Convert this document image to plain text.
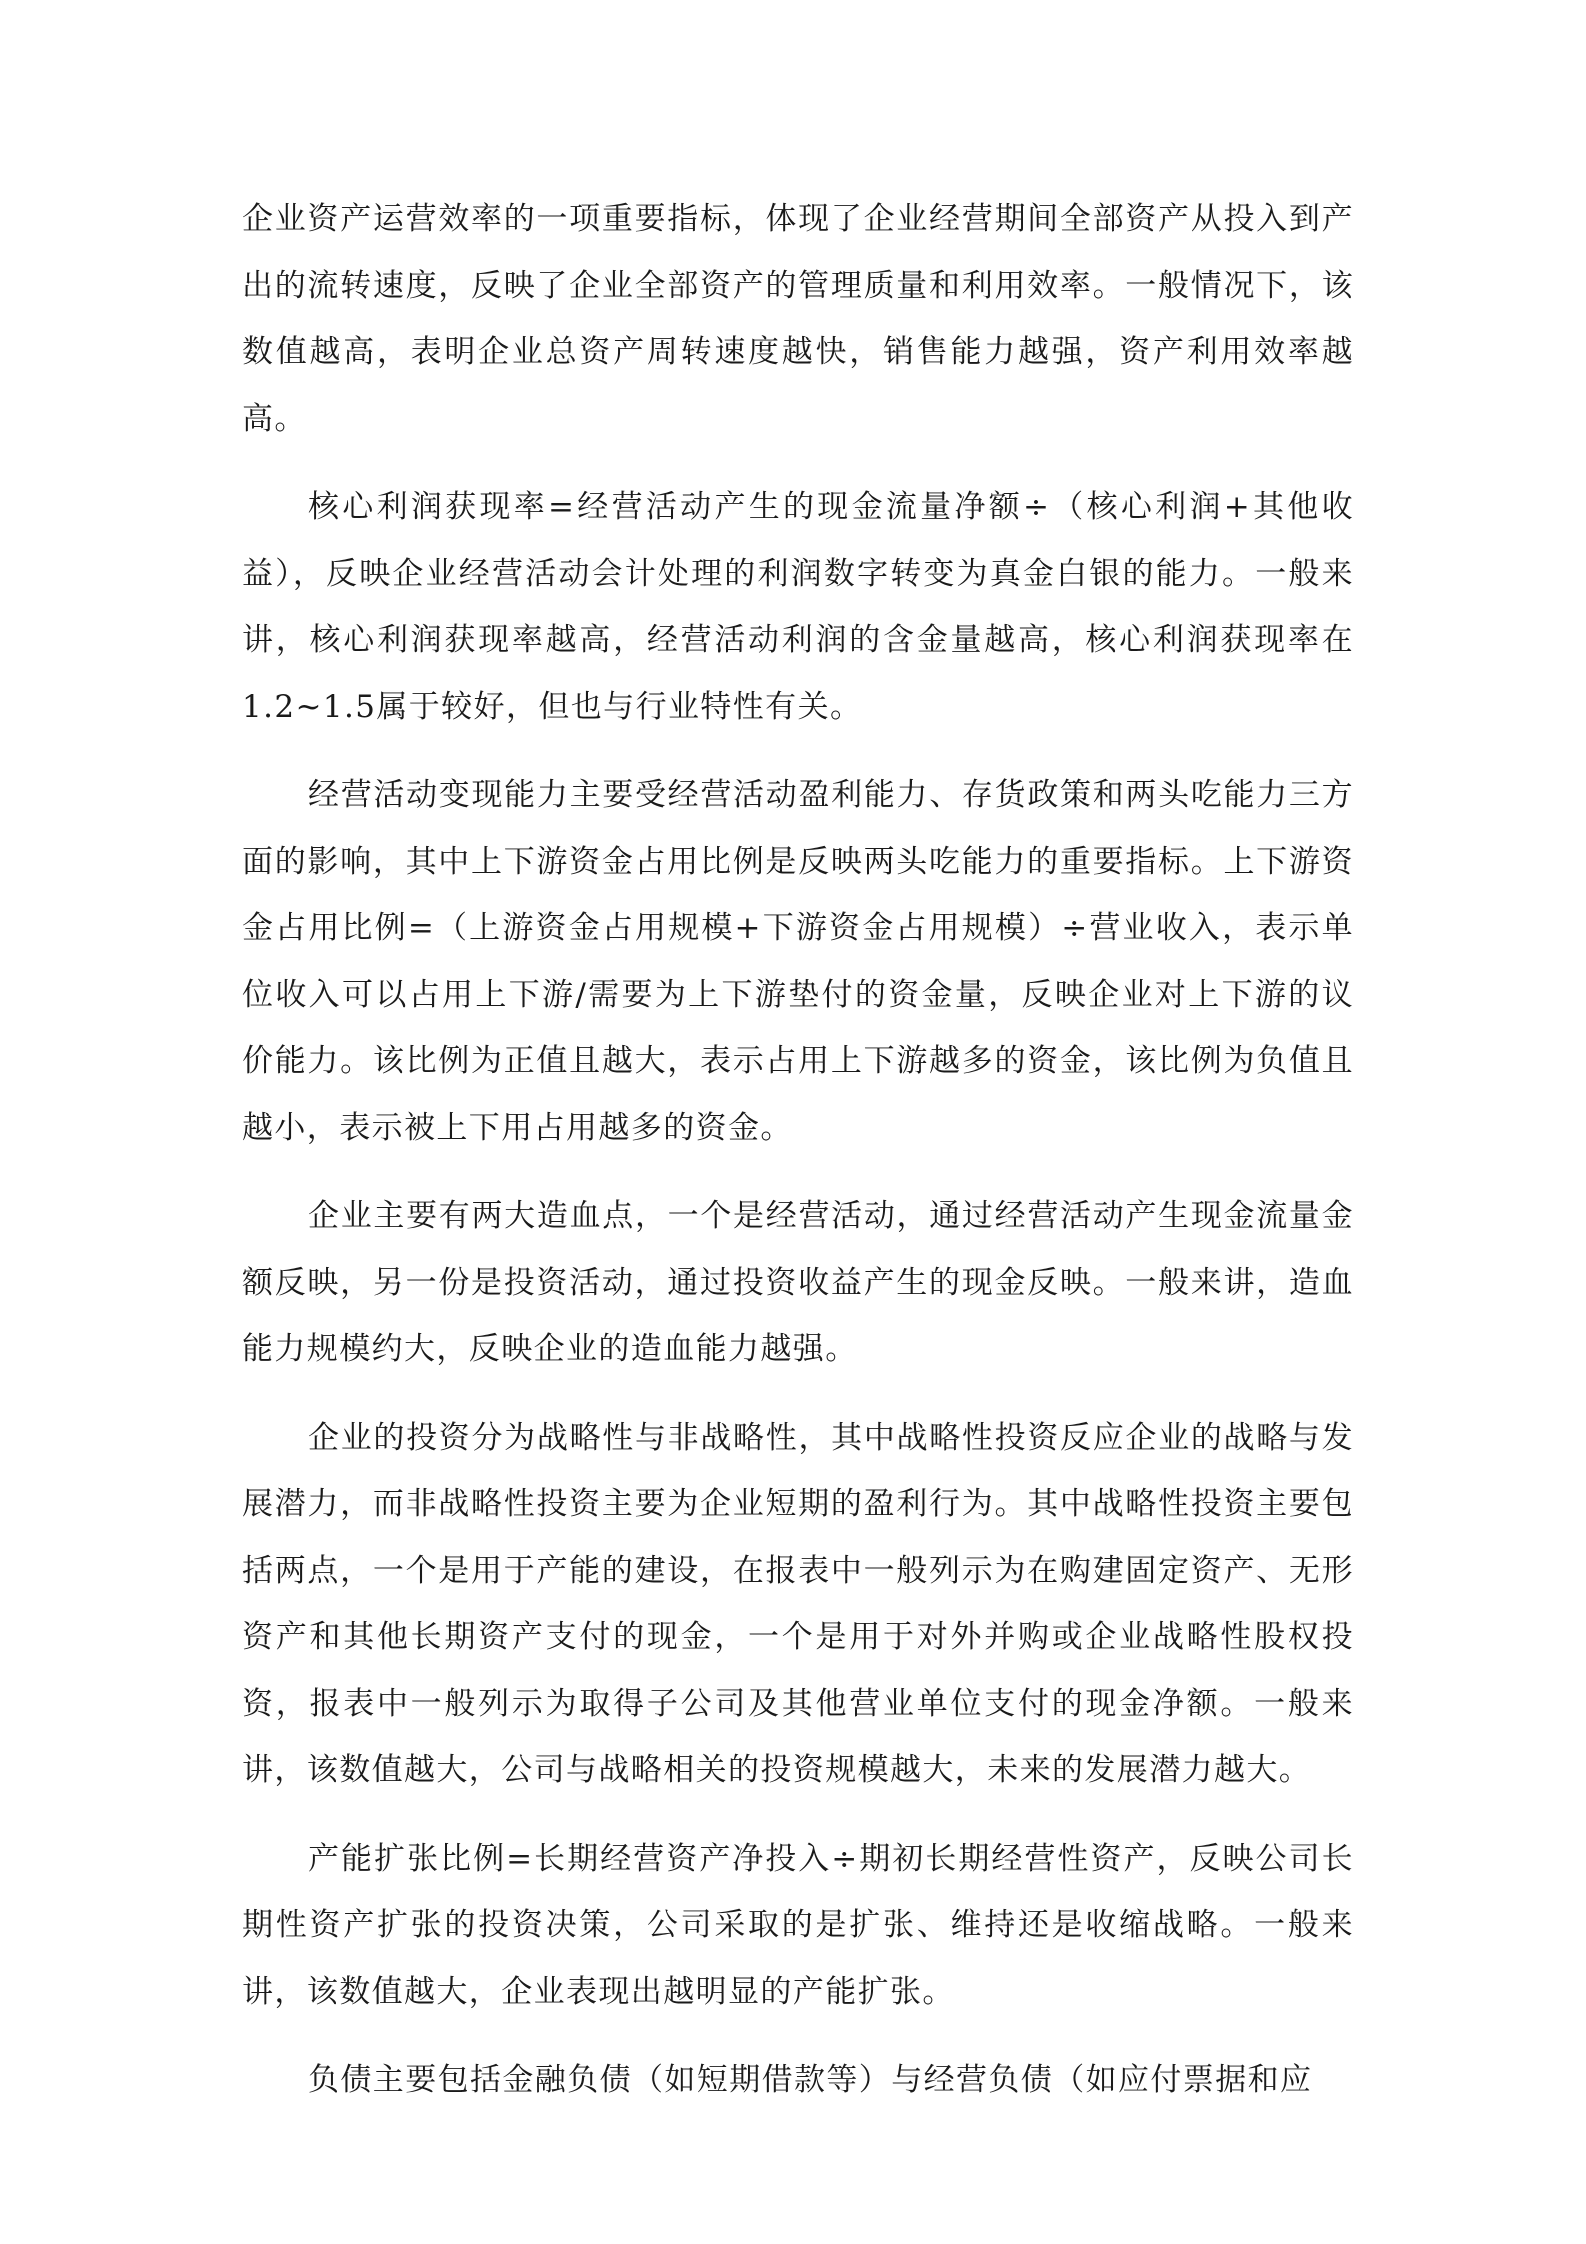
企业资产运营效率的一项重要指标，体现了企业经营期间全部资产从投入到产出的流转速度，反映了企业全部资产的管理质量和利用效率。一般情况下，该数值越高，表明企业总资产周转速度越快，销售能力越强，资产利用效率越高。

核心利润获现率=经营活动产生的现金流量净额÷（核心利润+其他收益），反映企业经营活动会计处理的利润数字转变为真金白银的能力。一般来讲，核心利润获现率越高，经营活动利润的含金量越高，核心利润获现率在1.2~1.5属于较好，但也与行业特性有关。

经营活动变现能力主要受经营活动盈利能力、存货政策和两头吃能力三方面的影响，其中上下游资金占用比例是反映两头吃能力的重要指标。上下游资金占用比例=（上游资金占用规模+下游资金占用规模）÷营业收入，表示单位收入可以占用上下游/需要为上下游垫付的资金量，反映企业对上下游的议价能力。该比例为正值且越大，表示占用上下游越多的资金，该比例为负值且越小，表示被上下用占用越多的资金。

企业主要有两大造血点，一个是经营活动，通过经营活动产生现金流量金额反映，另一份是投资活动，通过投资收益产生的现金反映。一般来讲，造血能力规模约大，反映企业的造血能力越强。

企业的投资分为战略性与非战略性，其中战略性投资反应企业的战略与发展潜力，而非战略性投资主要为企业短期的盈利行为。其中战略性投资主要包括两点，一个是用于产能的建设，在报表中一般列示为在购建固定资产、无形资产和其他长期资产支付的现金，一个是用于对外并购或企业战略性股权投资，报表中一般列示为取得子公司及其他营业单位支付的现金净额。一般来讲，该数值越大，公司与战略相关的投资规模越大，未来的发展潜力越大。

产能扩张比例=长期经营资产净投入÷期初长期经营性资产，反映公司长期性资产扩张的投资决策，公司采取的是扩张、维持还是收缩战略。一般来讲，该数值越大，企业表现出越明显的产能扩张。

负债主要包括金融负债（如短期借款等）与经营负债（如应付票据和应
